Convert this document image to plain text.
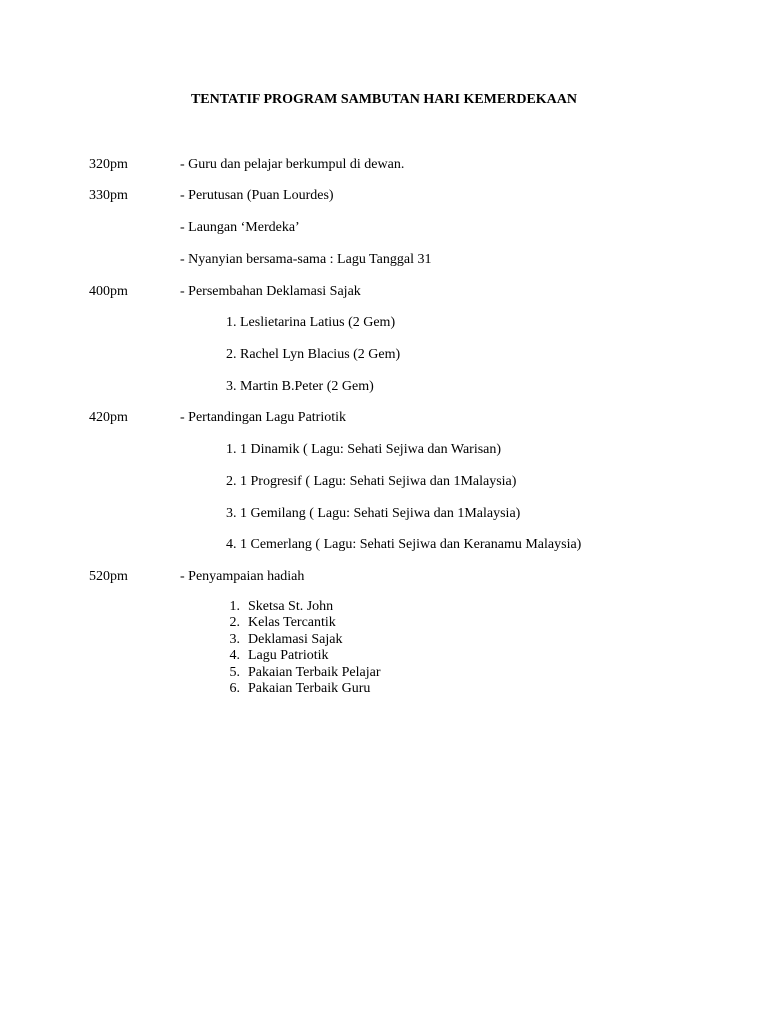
TENTATIF PROGRAM SAMBUTAN HARI KEMERDEKAAN
320pm	- Guru dan pelajar berkumpul di dewan.
330pm	- Perutusan (Puan Lourdes)
- Laungan ‘Merdeka’
- Nyanyian bersama-sama : Lagu Tanggal 31
400pm	- Persembahan Deklamasi Sajak
1. Leslietarina Latius (2 Gem)
2. Rachel Lyn Blacius (2 Gem)
3. Martin B.Peter (2 Gem)
420pm	- Pertandingan Lagu Patriotik
1. 1 Dinamik ( Lagu: Sehati Sejiwa dan Warisan)
2. 1 Progresif ( Lagu: Sehati Sejiwa dan 1Malaysia)
3. 1 Gemilang ( Lagu: Sehati Sejiwa dan 1Malaysia)
4. 1 Cemerlang ( Lagu: Sehati Sejiwa dan Keranamu Malaysia)
520pm	- Penyampaian hadiah
1. Sketsa St. John
2. Kelas Tercantik
3. Deklamasi Sajak
4. Lagu Patriotik
5. Pakaian Terbaik Pelajar
6. Pakaian Terbaik Guru
